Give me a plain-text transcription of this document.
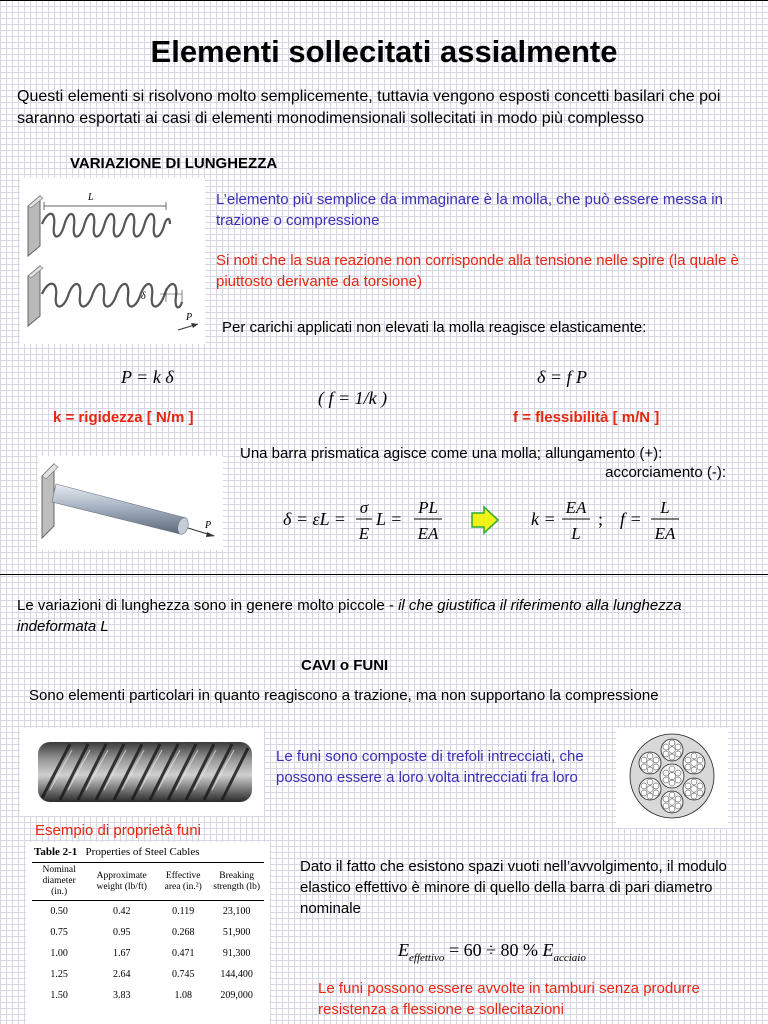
Elementi sollecitati assialmente
Questi elementi si risolvono molto semplicemente, tuttavia vengono esposti concetti basilari che poi saranno esportati ai casi di elementi monodimensionali sollecitati in modo più complesso
VARIAZIONE DI LUNGHEZZA
L
δ
P
L’elemento più semplice da immaginare è la molla, che può essere messa in trazione o compressione
Si noti che la sua reazione non corrisponde alla tensione nelle spire (la quale è piuttosto derivante da torsione)
Per carichi applicati non elevati la molla reagisce elasticamente:
P = k δ
( f = 1/k )
δ = f P
k = rigidezza [ N/m ]	f = flessibilità [ m/N ]
Una barra prismatica agisce come una molla; allungamento (+):
accorciamento (-):
P	δ = εL =
σ
E
L =
PL
EA
k =
EA
L
; f =
L
EA
Le variazioni di lunghezza sono in genere molto piccole - il che giustifica il riferimento alla lunghezza indeformata L
CAVI o FUNI
Sono elementi particolari in quanto reagiscono a trazione, ma non supportano la compressione
Le funi sono composte di trefoli intrecciati, che possono essere a loro volta intrecciati fra loro
Esempio di proprietà funi
Table 2-1 Properties of Steel Cables
Nominal diameter (in.)	Approximate weight (lb/ft)	Effective area (in.²)	Breaking strength (lb)
0.50	0.42	0.119	23,100
0.75	0.95	0.268	51,900
1.00	1.67	0.471	91,300
1.25	2.64	0.745	144,400
1.50	3.83	1.08	209,000
Dato il fatto che esistono spazi vuoti nell’avvolgimento, il modulo elastico effettivo è minore di quello della barra di pari diametro nominale
$E_{effettivo} = 60 \div 80$ % $E_{acciaio}$
Le funi possono essere avvolte in tamburi senza produrre resistenza a flessione e sollecitazioni
